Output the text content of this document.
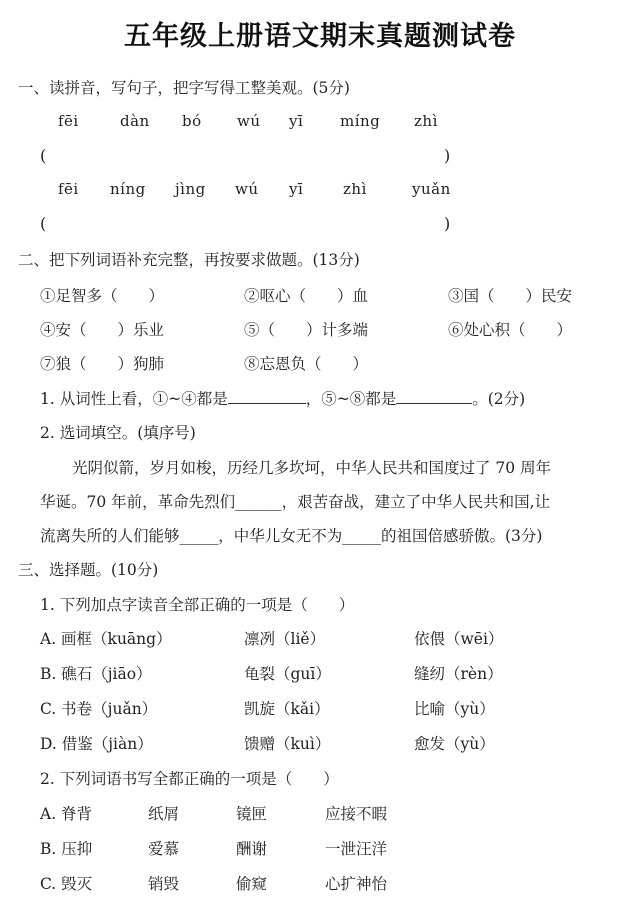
五年级上册语文期末真题测试卷
一、读拼音，写句子，把字写得工整美观。(5分)
fēi	dàn bó wú yī míng zhì
(	)
fēi níng jìng wú yī	zhì	yuǎn
(	)
二、把下列词语补充完整，再按要求做题。(13分)
①足智多（　　）	②呕心（　　）血	③国（　　）民安
④安（　　）乐业	⑤（　　）计多端	⑥处心积（　　）
⑦狼（　　）狗肺	⑧忘恩负（　　）
1. 从词性上看，①~④都是	，⑤~⑧都是	。(2分)
2. 选词填空。(填序号)
光阴似箭，岁月如梭，历经几多坎坷，中华人民共和国度过了 70 周年
华诞。70 年前，革命先烈们______，艰苦奋战，建立了中华人民共和国,让
流离失所的人们能够_____，中华儿女无不为_____的祖国倍感骄傲。(3分)
三、选择题。(10分)
1. 下列加点字读音全部正确的一项是（　　）
A. 画框（kuāng）	凛冽（liě）	依偎（wēi）
B. 礁石（jiāo）	龟裂（guī）	缝纫（rèn）
C. 书卷（juǎn）	凯旋（kǎi）	比喻（yù）
D. 借鉴（jiàn）	馈赠（kuì）	愈发（yù）
2. 下列词语书写全都正确的一项是（　　）
A. 脊背	纸屑	镜匣	应接不暇
B. 压抑	爱慕	酬谢	一泄汪洋
C. 毁灭	销毁	偷窥	心扩神怡
